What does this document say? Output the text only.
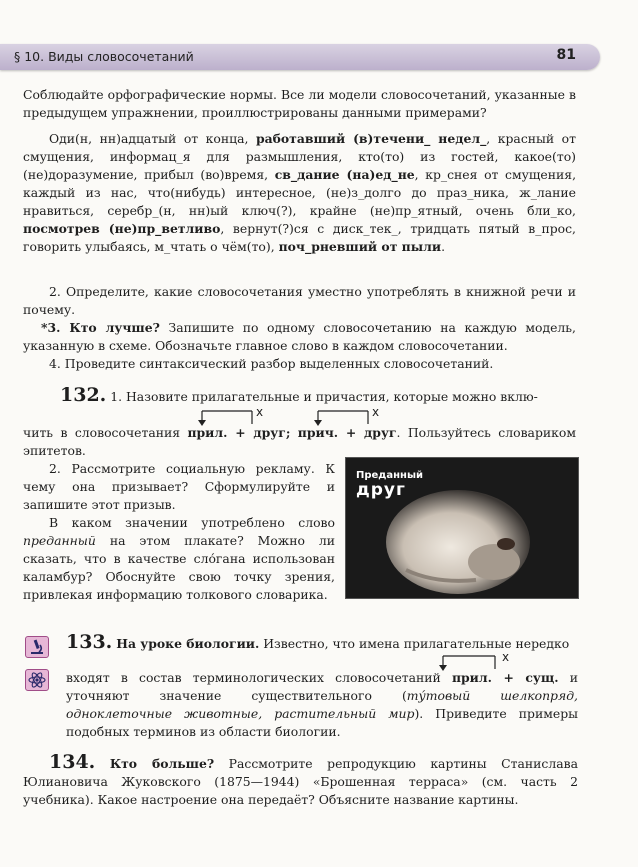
§ 10. Виды словосочетаний	81

Соблюдайте орфографические нормы. Все ли модели словосочетаний, указанные в предыдущем упражнении, проиллюстрированы данными примерами?

Оди(н, нн)адцатый от конца, работавший (в)течени_ недел_, красный от смущения, информац_я для размышления, кто(то) из гостей, какое(то) (не)доразумение, прибыл (во)время, св_дание (на)ед_не, кр_снея от смущения, каждый из нас, что(нибудь) интересное, (не)з_долго до праз_ника, ж_лание нравиться, серебр_(н, нн)ый ключ(?), крайне (не)пр_ятный, очень бли_ко, посмотрев (не)пр_ветливо, вернут(?)ся с диск_тек_, тридцать пятый в_прос, говорить улыбаясь, м_чтать о чём(то), поч_рневший от пыли.

2. Определите, какие словосочетания уместно употреблять в книжной речи и почему.

*3. Кто лучше? Запишите по одному словосочетанию на каждую модель, указанную в схеме. Обозначьте главное слово в каждом словосочетании.

4. Проведите синтаксический разбор выделенных словосочетаний.

132. 1. Назовите прилагательные и причастия, которые можно вклю-
х	х

чить в словосочетания прил. + друг; прич. + друг. Пользуйтесь словариком эпитетов.

2. Рассмотрите социальную рекламу. К чему она призывает? Сформулируйте и запишите этот призыв.

В каком значении употреблено слово преданный на этом плакате? Можно ли сказать, что в качестве сло́гана использован каламбур? Обоснуйте свою точку зрения, привлекая информацию толкового словарика.

Преданный
друг
133. На уроке биологии. Известно, что имена прилагательные нередко
х

входят в состав терминологических словосочетаний прил. + сущ. и уточняют значение существительного (ту́товый шелкопряд, одноклеточные животные, растительный мир). Приведите примеры подобных терминов из области биологии.

134. Кто больше? Рассмотрите репродукцию картины Станислава Юлиановича Жуковского (1875—1944) «Брошенная терраса» (см. часть 2 учебника). Какое настроение она передаёт? Объясните название картины.
